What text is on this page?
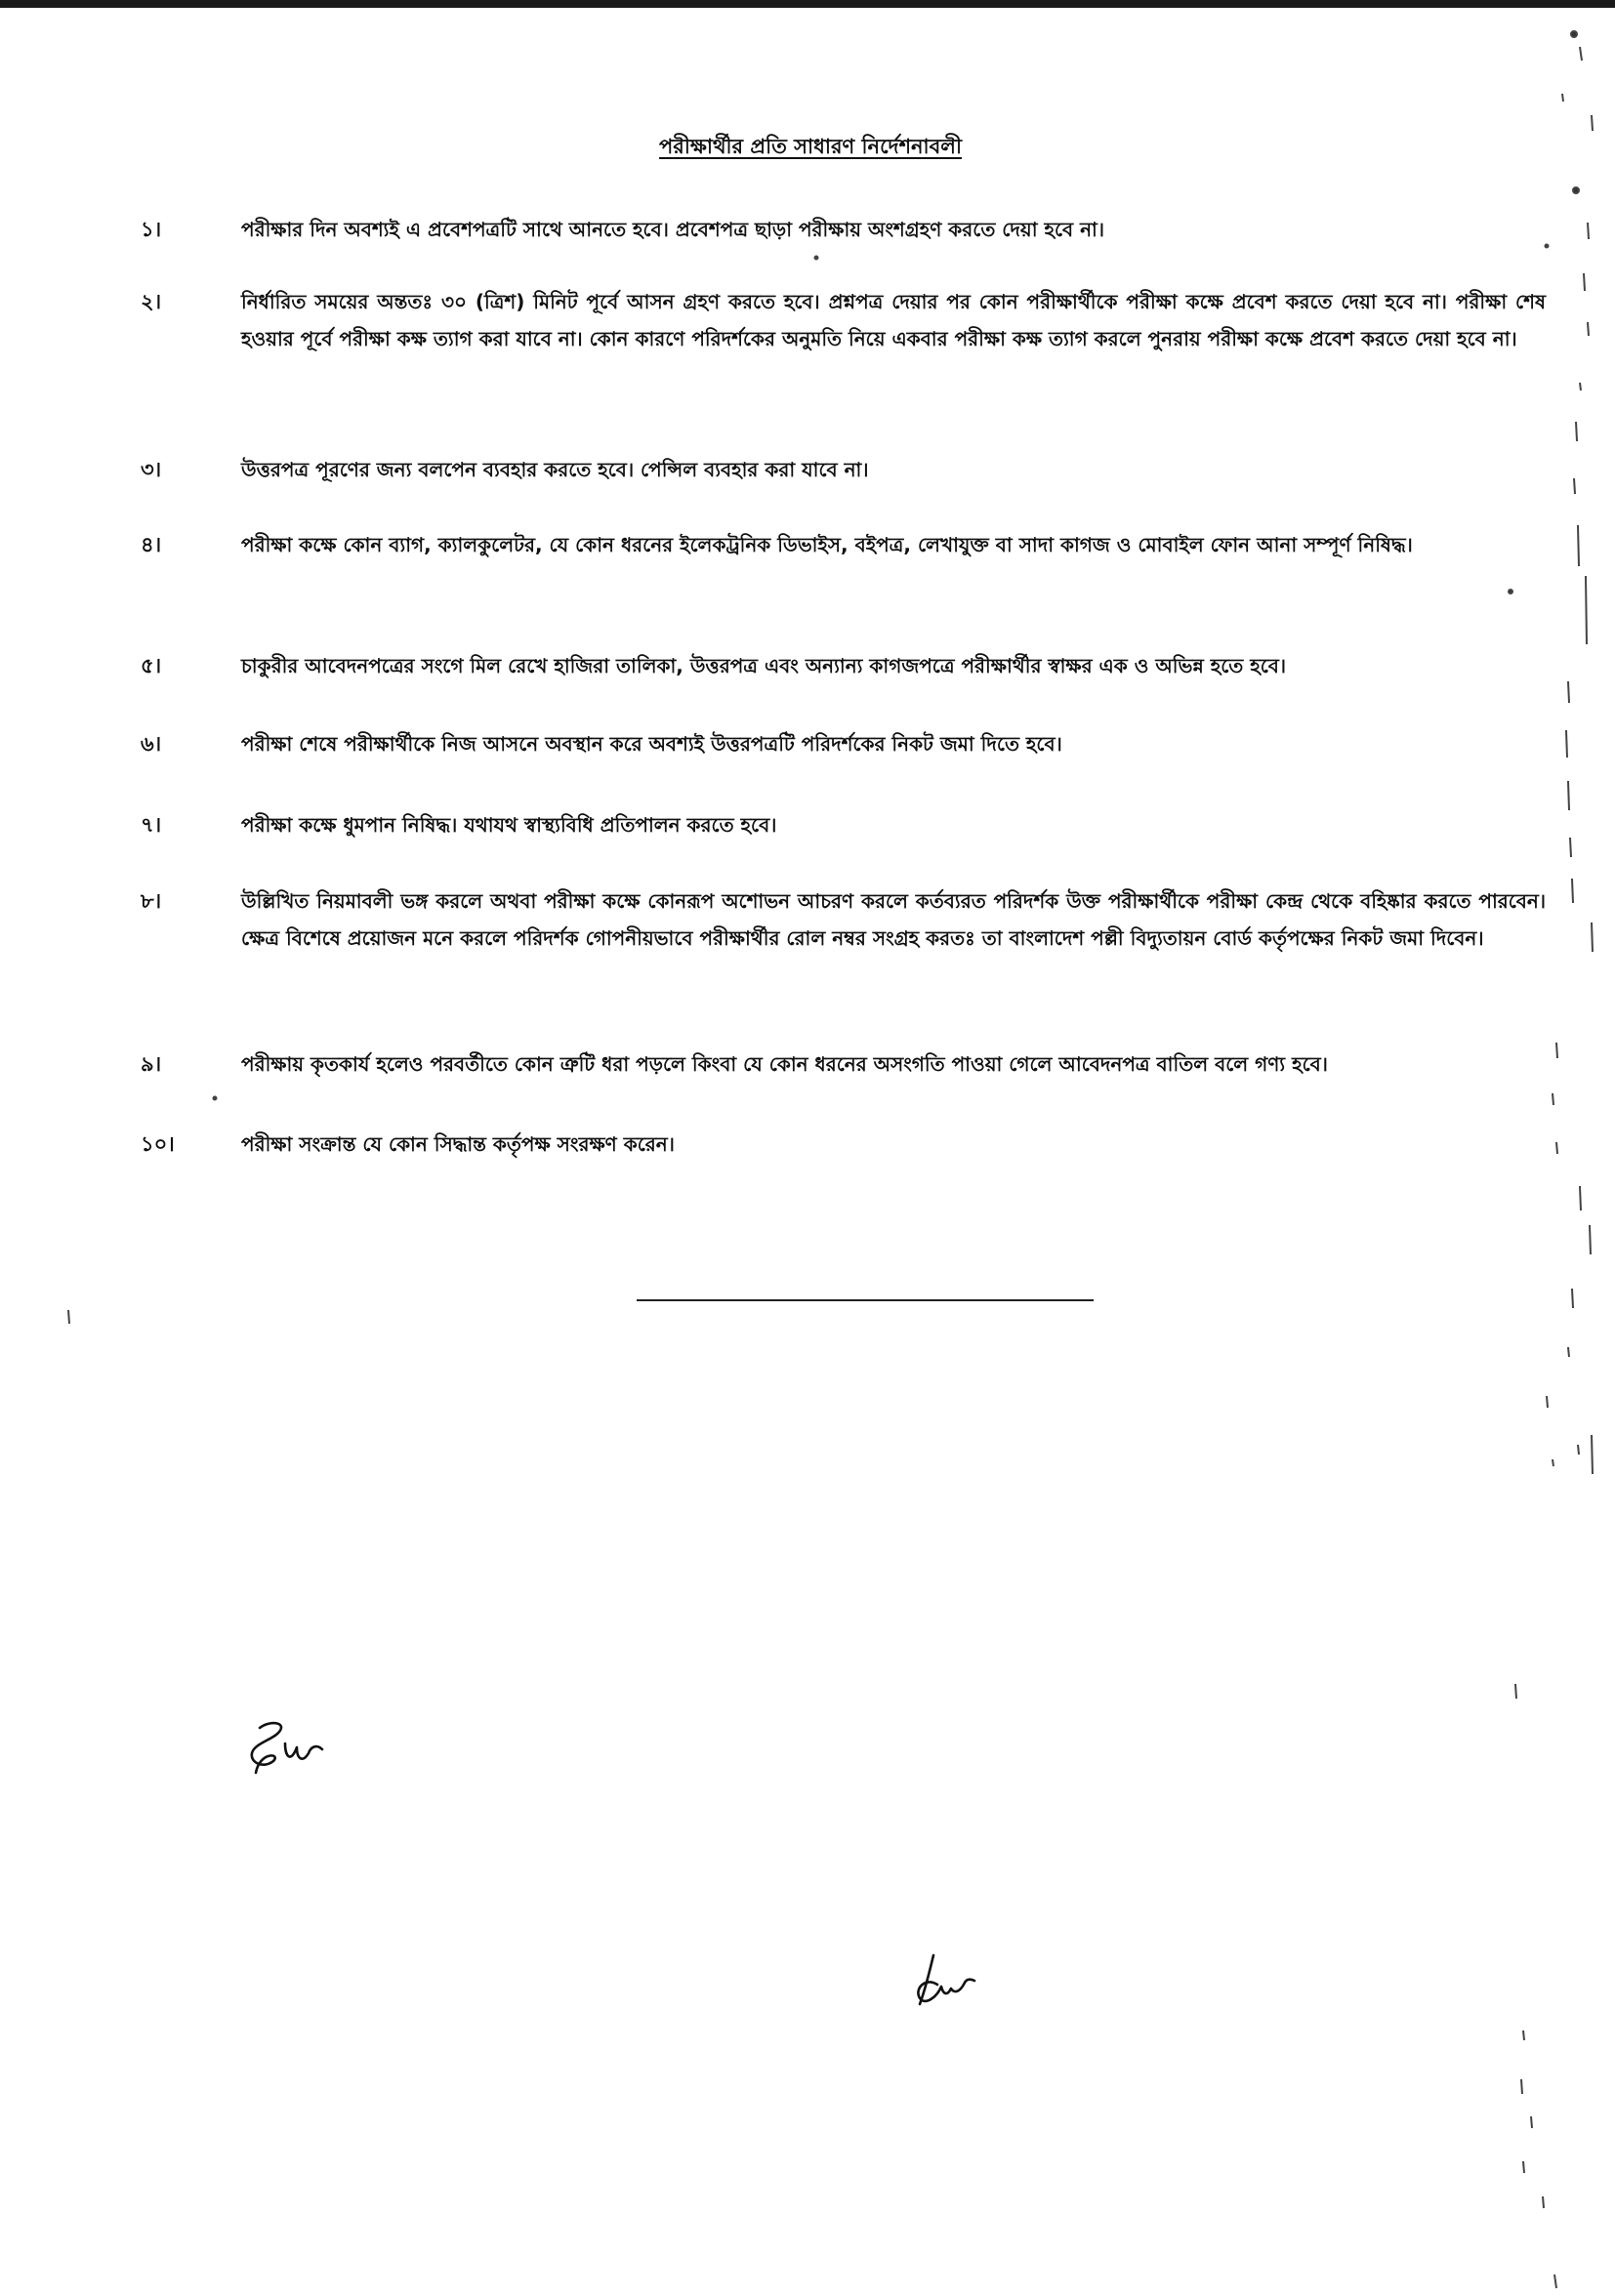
পরীক্ষার্থীর প্রতি সাধারণ নির্দেশনাবলী
১।	পরীক্ষার দিন অবশ্যই এ প্রবেশপত্রটি সাথে আনতে হবে। প্রবেশপত্র ছাড়া পরীক্ষায় অংশগ্রহণ করতে দেয়া হবে না।
২।	নির্ধারিত সময়ের অন্ততঃ ৩০ (ত্রিশ) মিনিট পূর্বে আসন গ্রহণ করতে হবে। প্রশ্নপত্র দেয়ার পর কোন পরীক্ষার্থীকে পরীক্ষা কক্ষে প্রবেশ করতে দেয়া হবে না। পরীক্ষা শেষ হওয়ার পূর্বে পরীক্ষা কক্ষ ত্যাগ করা যাবে না। কোন কারণে পরিদর্শকের অনুমতি নিয়ে একবার পরীক্ষা কক্ষ ত্যাগ করলে পুনরায় পরীক্ষা কক্ষে প্রবেশ করতে দেয়া হবে না।
৩।	উত্তরপত্র পূরণের জন্য বলপেন ব্যবহার করতে হবে। পেন্সিল ব্যবহার করা যাবে না।
৪।	পরীক্ষা কক্ষে কোন ব্যাগ, ক্যালকুলেটর, যে কোন ধরনের ইলেকট্রনিক ডিভাইস, বইপত্র, লেখাযুক্ত বা সাদা কাগজ ও মোবাইল ফোন আনা সম্পূর্ণ নিষিদ্ধ।
৫।	চাকুরীর আবেদনপত্রের সংগে মিল রেখে হাজিরা তালিকা, উত্তরপত্র এবং অন্যান্য কাগজপত্রে পরীক্ষার্থীর স্বাক্ষর এক ও অভিন্ন হতে হবে।
৬।	পরীক্ষা শেষে পরীক্ষার্থীকে নিজ আসনে অবস্থান করে অবশ্যই উত্তরপত্রটি পরিদর্শকের নিকট জমা দিতে হবে।
৭।	পরীক্ষা কক্ষে ধুমপান নিষিদ্ধ। যথাযথ স্বাস্থ্যবিধি প্রতিপালন করতে হবে।
৮।	উল্লিখিত নিয়মাবলী ভঙ্গ করলে অথবা পরীক্ষা কক্ষে কোনরূপ অশোভন আচরণ করলে কর্তব্যরত পরিদর্শক উক্ত পরীক্ষার্থীকে পরীক্ষা কেন্দ্র থেকে বহিষ্কার করতে পারবেন। ক্ষেত্র বিশেষে প্রয়োজন মনে করলে পরিদর্শক গোপনীয়ভাবে পরীক্ষার্থীর রোল নম্বর সংগ্রহ করতঃ তা বাংলাদেশ পল্লী বিদ্যুতায়ন বোর্ড কর্তৃপক্ষের নিকট জমা দিবেন।
৯।	পরীক্ষায় কৃতকার্য হলেও পরবর্তীতে কোন ত্রুটি ধরা পড়লে কিংবা যে কোন ধরনের অসংগতি পাওয়া গেলে আবেদনপত্র বাতিল বলে গণ্য হবে।
১০।	পরীক্ষা সংক্রান্ত যে কোন সিদ্ধান্ত কর্তৃপক্ষ সংরক্ষণ করেন।
